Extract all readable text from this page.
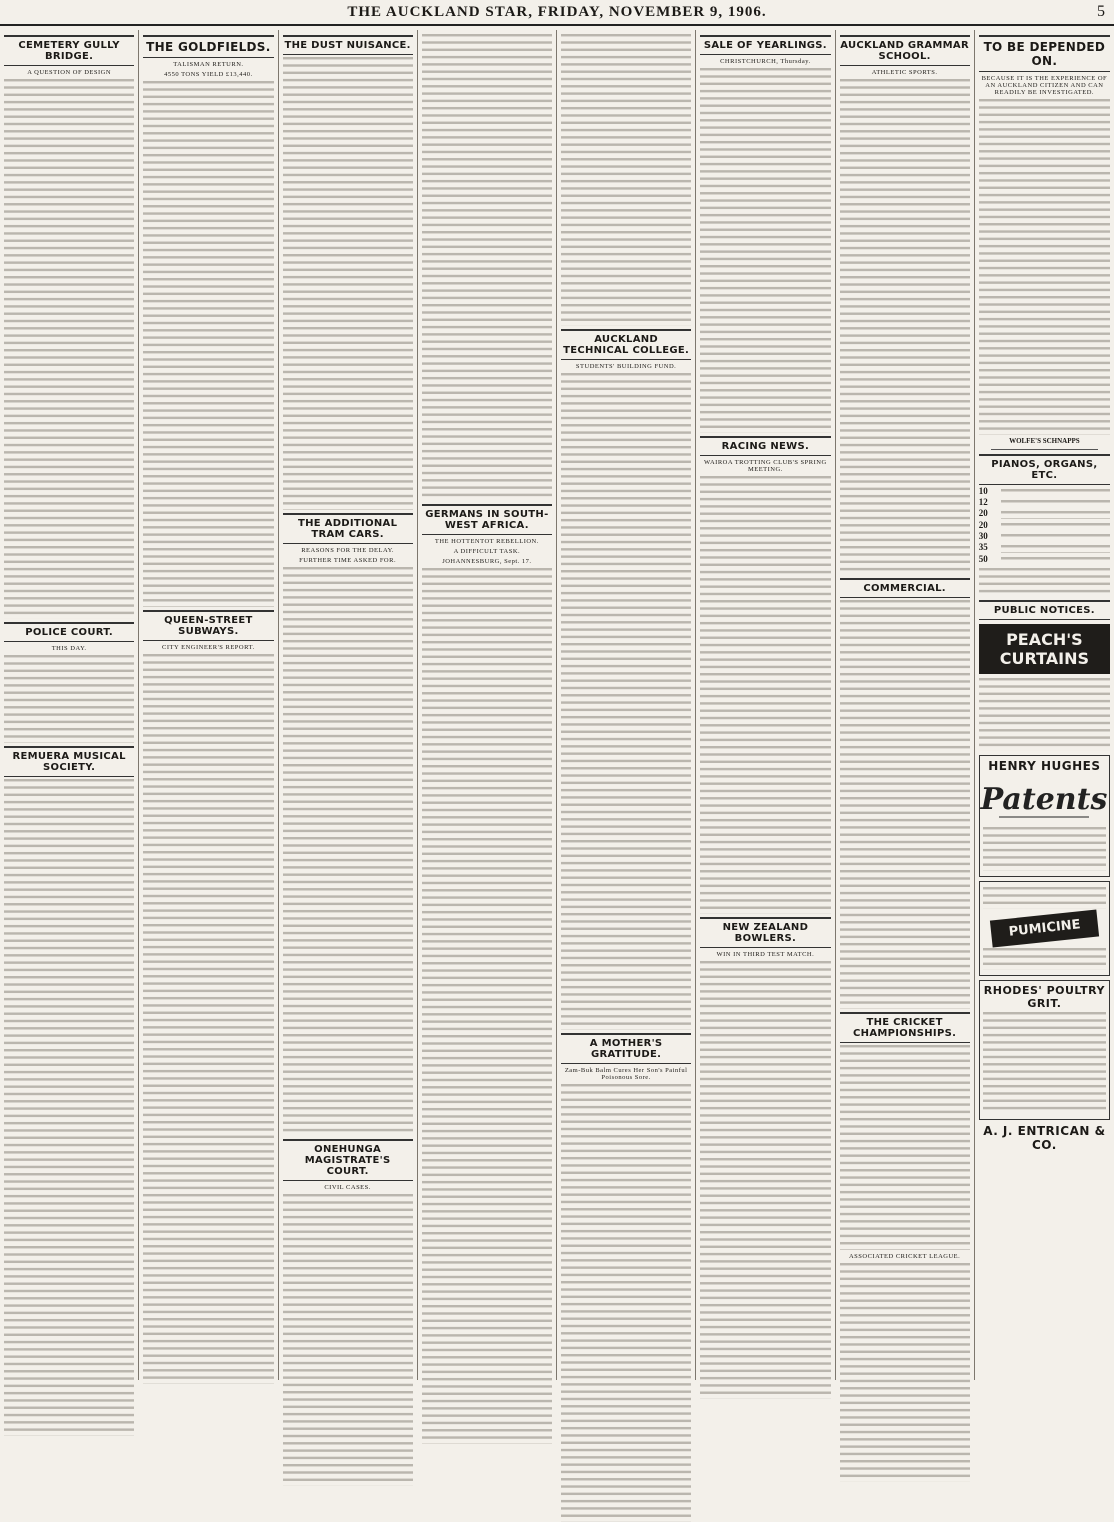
THE AUCKLAND STAR, FRIDAY, NOVEMBER 9, 1906.	5
CEMETERY GULLY BRIDGE.
A QUESTION OF DESIGN
POLICE COURT.
THIS DAY.
REMUERA MUSICAL SOCIETY.
THE GOLDFIELDS.
TALISMAN RETURN.
4550 TONS YIELD £13,440.
QUEEN-STREET SUBWAYS.
CITY ENGINEER'S REPORT.
THE DUST NUISANCE.
THE ADDITIONAL TRAM CARS.
REASONS FOR THE DELAY.
FURTHER TIME ASKED FOR.
ONEHUNGA MAGISTRATE'S COURT.
CIVIL CASES.
GERMANS IN SOUTH-WEST AFRICA.
THE HOTTENTOT REBELLION.
A DIFFICULT TASK.
JOHANNESBURG, Sept. 17.
AUCKLAND TECHNICAL COLLEGE.
STUDENTS' BUILDING FUND.
A MOTHER'S GRATITUDE.
Zam-Buk Balm Cures Her Son's Painful Poisonous Sore.
SALE OF YEARLINGS.
CHRISTCHURCH, Thursday.
RACING NEWS.
WAIROA TROTTING CLUB'S SPRING MEETING.
NEW ZEALAND BOWLERS.
WIN IN THIRD TEST MATCH.
AUCKLAND GRAMMAR SCHOOL.
ATHLETIC SPORTS.
COMMERCIAL.
THE CRICKET CHAMPIONSHIPS.
ASSOCIATED CRICKET LEAGUE.
TO BE DEPENDED ON.
BECAUSE IT IS THE EXPERIENCE OF AN AUCKLAND CITIZEN AND CAN READILY BE INVESTIGATED.
WOLFE'S SCHNAPPS
PIANOS, ORGANS, ETC.
10
12
20
20
30
35
50
PUBLIC NOTICES.
PEACH'S CURTAINS
HENRY HUGHES
Patents
PUMICINE
RHODES' POULTRY GRIT.
A. J. ENTRICAN & CO.
